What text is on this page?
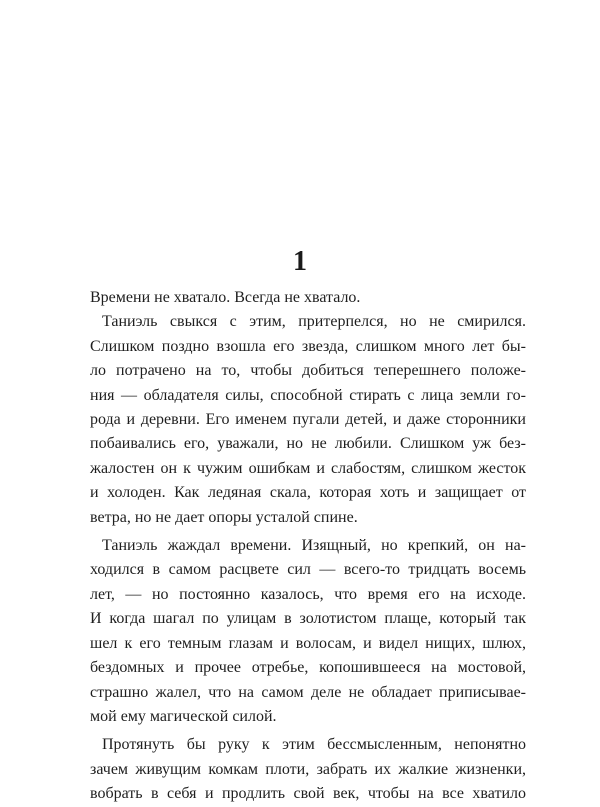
1
Времени не хватало. Всегда не хватало.
Таниэль свыкся с этим, притерпелся, но не смирился.
Слишком поздно взошла его звезда, слишком много лет бы-
ло потрачено на то, чтобы добиться теперешнего положе-
ния — обладателя силы, способной стирать с лица земли го-
рода и деревни. Его именем пугали детей, и даже сторонники
побаивались его, уважали, но не любили. Слишком уж без-
жалостен он к чужим ошибкам и слабостям, слишком жесток
и холоден. Как ледяная скала, которая хоть и защищает от
ветра, но не дает опоры усталой спине.
Таниэль жаждал времени. Изящный, но крепкий, он на-
ходился в самом расцвете сил — всего-то тридцать восемь
лет, — но постоянно казалось, что время его на исходе.
И когда шагал по улицам в золотистом плаще, который так
шел к его темным глазам и волосам, и видел нищих, шлюх,
бездомных и прочее отребье, копошившееся на мостовой,
страшно жалел, что на самом деле не обладает приписывае-
мой ему магической силой.
Протянуть бы руку к этим бессмысленным, непонятно
зачем живущим комкам плоти, забрать их жалкие жизненки,
вобрать в себя и продлить свой век, чтобы на все хватило
